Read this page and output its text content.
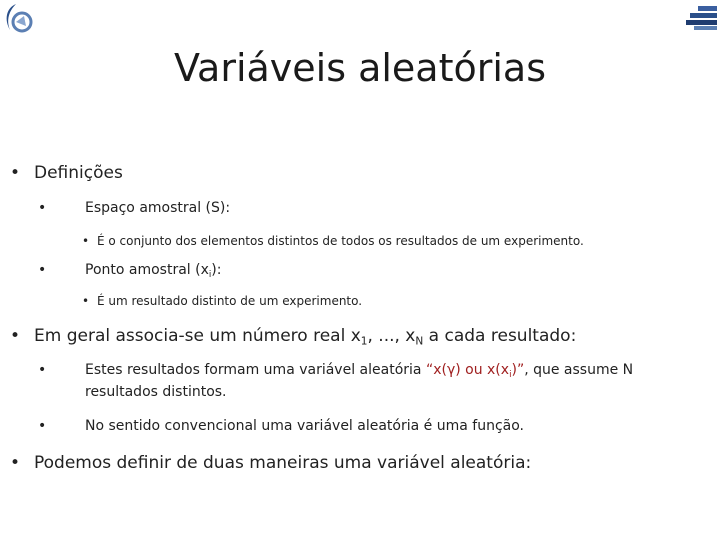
Variáveis aleatórias
• Definições
•	Espaço amostral (S):
• É o conjunto dos elementos distintos de todos os resultados de um experimento.
•	Ponto amostral $(x_i)$:
• É um resultado distinto de um experimento.
• Em geral associa-se um número real $x_1$, ..., $x_N$ a cada resultado:
•	Estes resultados formam uma variável aleatória “x(γ) ou $x(x_i)$”, que assume N
resultados distintos.
•	No sentido convencional uma variável aleatória é uma função.
• Podemos definir de duas maneiras uma variável aleatória:
